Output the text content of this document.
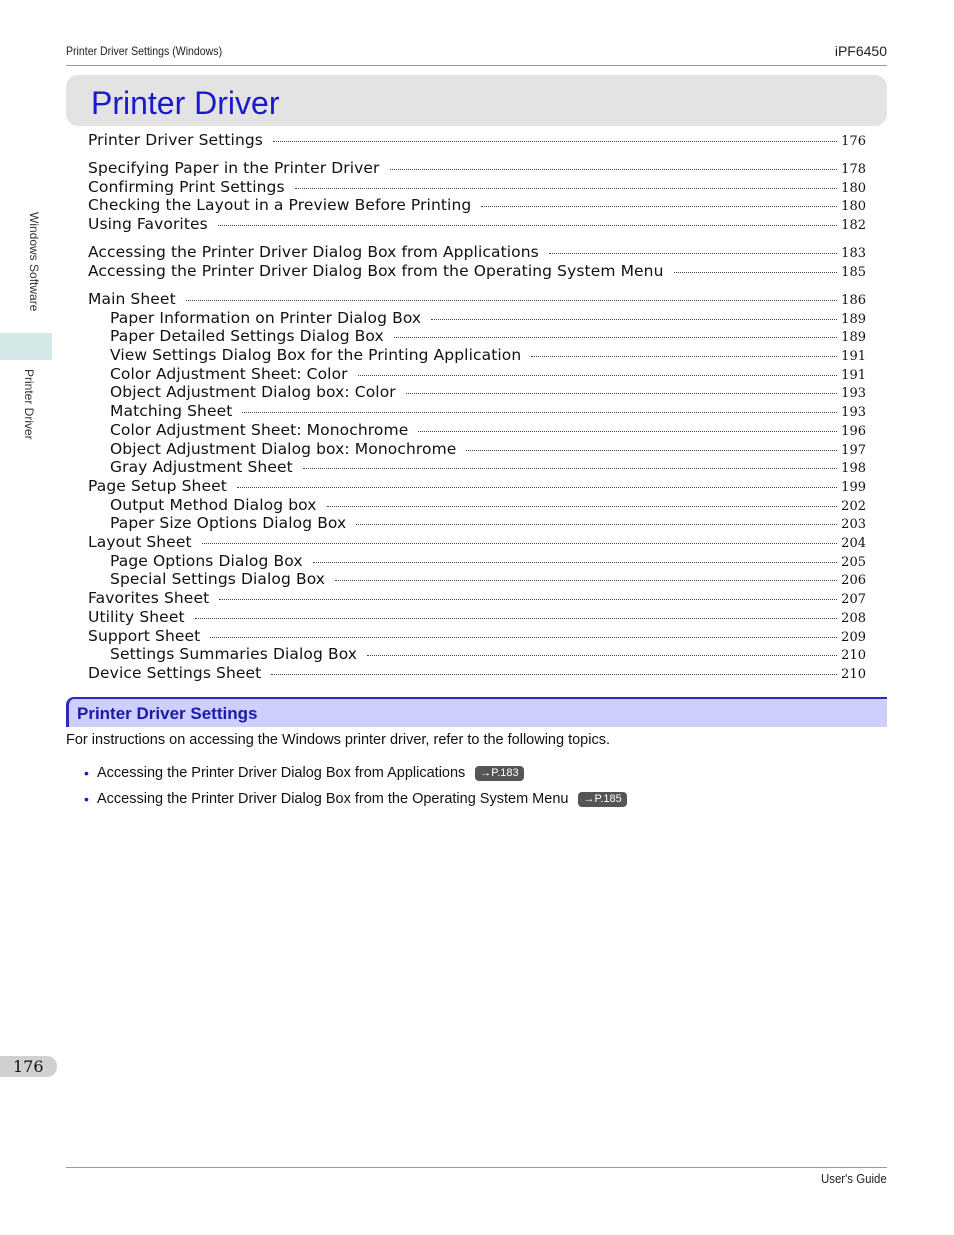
Printer Driver Settings (Windows)	iPF6450
Printer Driver
Windows Software
Printer Driver
Printer Driver Settings	176
Specifying Paper in the Printer Driver	178
Confirming Print Settings	180
Checking the Layout in a Preview Before Printing	180
Using Favorites	182
Accessing the Printer Driver Dialog Box from Applications	183
Accessing the Printer Driver Dialog Box from the Operating System Menu	185
Main Sheet	186
Paper Information on Printer Dialog Box	189
Paper Detailed Settings Dialog Box	189
View Settings Dialog Box for the Printing Application	191
Color Adjustment Sheet: Color	191
Object Adjustment Dialog box: Color	193
Matching Sheet	193
Color Adjustment Sheet: Monochrome	196
Object Adjustment Dialog box: Monochrome	197
Gray Adjustment Sheet	198
Page Setup Sheet	199
Output Method Dialog box	202
Paper Size Options Dialog Box	203
Layout Sheet	204
Page Options Dialog Box	205
Special Settings Dialog Box	206
Favorites Sheet	207
Utility Sheet	208
Support Sheet	209
Settings Summaries Dialog Box	210
Device Settings Sheet	210
Printer Driver Settings
For instructions on accessing the Windows printer driver, refer to the following topics.
• Accessing the Printer Driver Dialog Box from Applications	→P.183
• Accessing the Printer Driver Dialog Box from the Operating System Menu	→P.185
176
User's Guide
